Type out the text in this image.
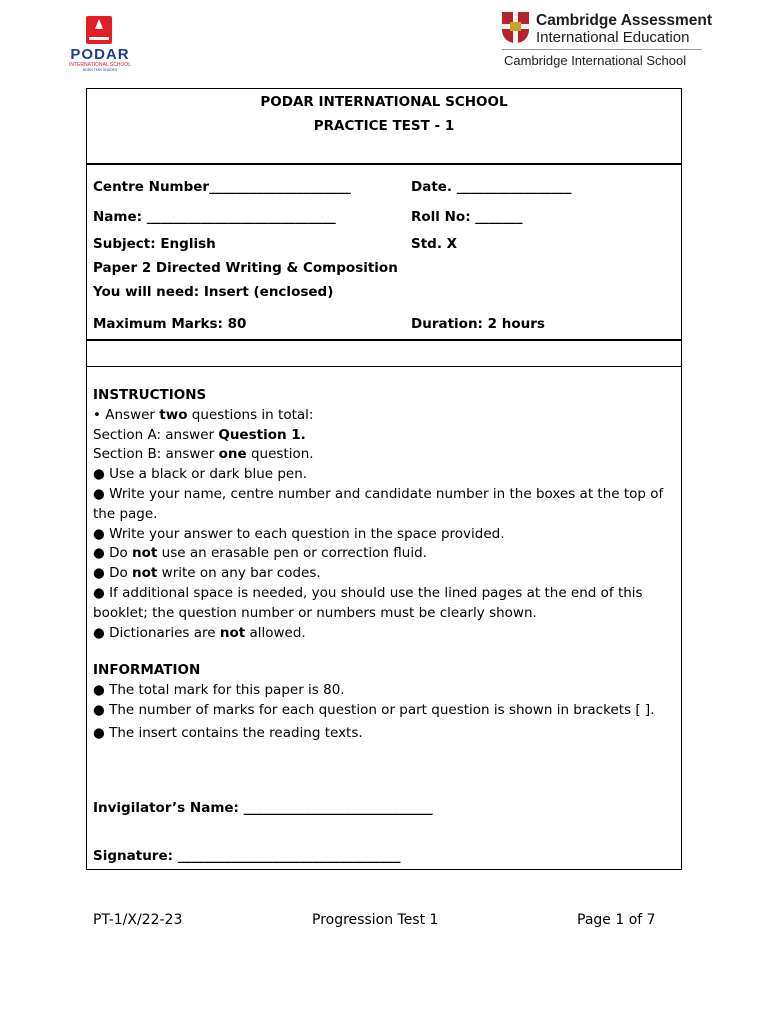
PODAR
INTERNATIONAL SCHOOL
BORN THIN SHADES
Cambridge Assessment
International Education
Cambridge International School
PODAR INTERNATIONAL SCHOOL
PRACTICE TEST - 1
Centre Number_____________________	Date. _________________
Name: ____________________________	Roll No: _______
Subject: English	Std. X
Paper 2 Directed Writing & Composition
You will need: Insert (enclosed)
Maximum Marks: 80	Duration: 2 hours

INSTRUCTIONS

• Answer two questions in total:

Section A: answer Question 1.

Section B: answer one question.

● Use a black or dark blue pen.

● Write your name, centre number and candidate number in the boxes at the top of the page.

● Write your answer to each question in the space provided.

● Do not use an erasable pen or correction fluid.

● Do not write on any bar codes.

● If additional space is needed, you should use the lined pages at the end of this booklet; the question number or numbers must be clearly shown.

● Dictionaries are not allowed.

INFORMATION

● The total mark for this paper is 80.

● The number of marks for each question or part question is shown in brackets [ ].

● The insert contains the reading texts.

Invigilator’s Name: ____________________________
Signature: _________________________________
PT-1/X/22-23	Progression Test 1	Page 1 of 7
